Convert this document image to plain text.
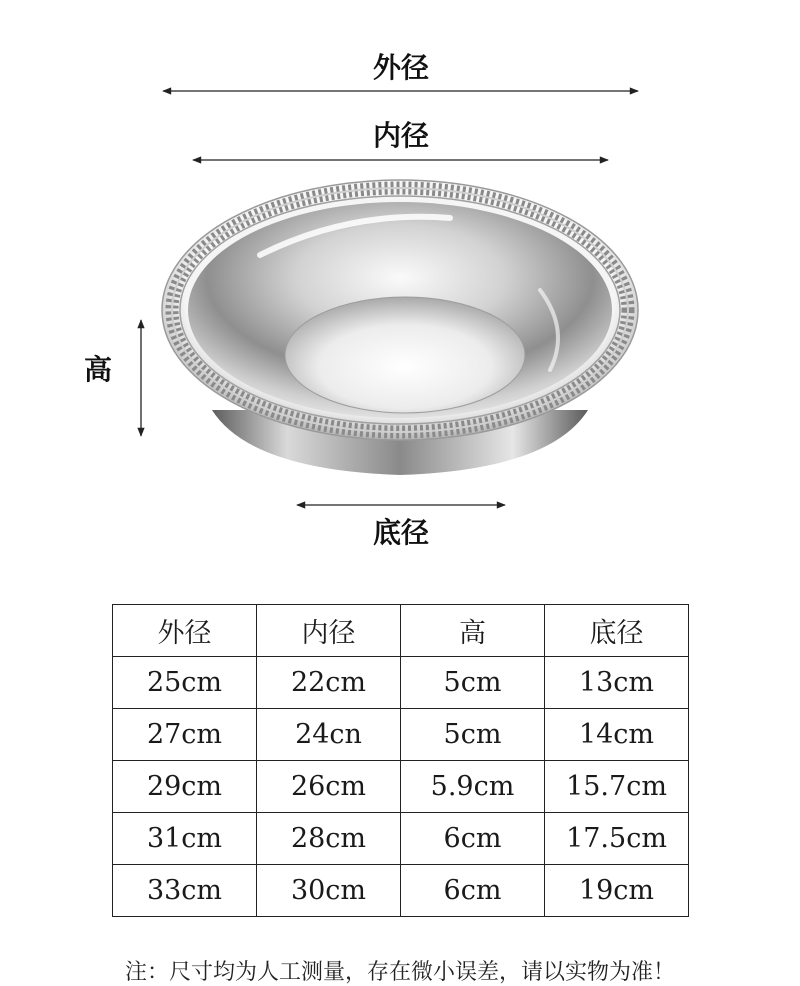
外径
内径
高
底径
外径	内径	高	底径
25cm	22cm	5cm	13cm
27cm	24cn	5cm	14cm
29cm	26cm	5.9cm	15.7cm
31cm	28cm	6cm	17.5cm
33cm	30cm	6cm	19cm
注：尺寸均为人工测量，存在微小误差，请以实物为准！
